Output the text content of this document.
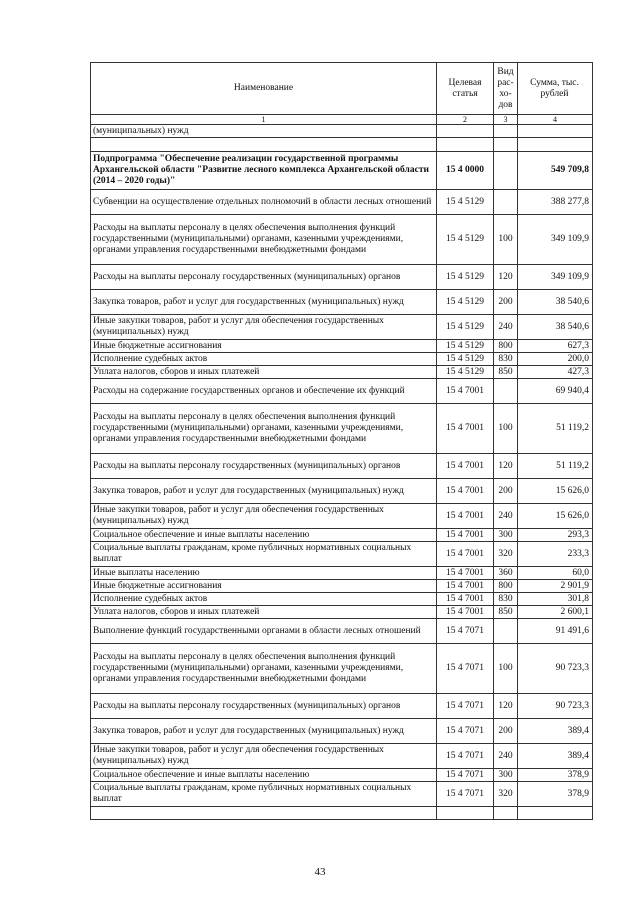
Наименование	Целевая статья	Вид рас- хо- дов	Сумма, тыс. рублей
1	2	3	4
(муниципальных) нужд			

Подпрограмма "Обеспечение реализации государственной программы Архангельской области "Развитие лесного комплекса Архангельской области (2014 – 2020 годы)"	15 4 0000		549 709,8
Субвенции на осуществление отдельных полномочий в области лесных отношений	15 4 5129		388 277,8
Расходы на выплаты персоналу в целях обеспечения выполнения функций государственными (муниципальными) органами, казенными учреждениями, органами управления государственными внебюджетными фондами	15 4 5129	100	349 109,9
Расходы на выплаты персоналу государственных (муниципальных) органов	15 4 5129	120	349 109,9
Закупка товаров, работ и услуг для государственных (муниципальных) нужд	15 4 5129	200	38 540,6
Иные закупки товаров, работ и услуг для обеспечения государственных (муниципальных) нужд	15 4 5129	240	38 540,6
Иные бюджетные ассигнования	15 4 5129	800	627,3
Исполнение судебных актов	15 4 5129	830	200,0
Уплата налогов, сборов и иных платежей	15 4 5129	850	427,3
Расходы на содержание государственных органов и обеспечение их функций	15 4 7001		69 940,4
Расходы на выплаты персоналу в целях обеспечения выполнения функций государственными (муниципальными) органами, казенными учреждениями, органами управления государственными внебюджетными фондами	15 4 7001	100	51 119,2
Расходы на выплаты персоналу государственных (муниципальных) органов	15 4 7001	120	51 119,2
Закупка товаров, работ и услуг для государственных (муниципальных) нужд	15 4 7001	200	15 626,0
Иные закупки товаров, работ и услуг для обеспечения государственных (муниципальных) нужд	15 4 7001	240	15 626,0
Социальное обеспечение и иные выплаты населению	15 4 7001	300	293,3
Социальные выплаты гражданам, кроме публичных нормативных социальных выплат	15 4 7001	320	233,3
Иные выплаты населению	15 4 7001	360	60,0
Иные бюджетные ассигнования	15 4 7001	800	2 901,9
Исполнение судебных актов	15 4 7001	830	301,8
Уплата налогов, сборов и иных платежей	15 4 7001	850	2 600,1
Выполнение функций государственными органами в области лесных отношений	15 4 7071		91 491,6
Расходы на выплаты персоналу в целях обеспечения выполнения функций государственными (муниципальными) органами, казенными учреждениями, органами управления государственными внебюджетными фондами	15 4 7071	100	90 723,3
Расходы на выплаты персоналу государственных (муниципальных) органов	15 4 7071	120	90 723,3
Закупка товаров, работ и услуг для государственных (муниципальных) нужд	15 4 7071	200	389,4
Иные закупки товаров, работ и услуг для обеспечения государственных (муниципальных) нужд	15 4 7071	240	389,4
Социальное обеспечение и иные выплаты населению	15 4 7071	300	378,9
Социальные выплаты гражданам, кроме публичных нормативных социальных выплат	15 4 7071	320	378,9

43
